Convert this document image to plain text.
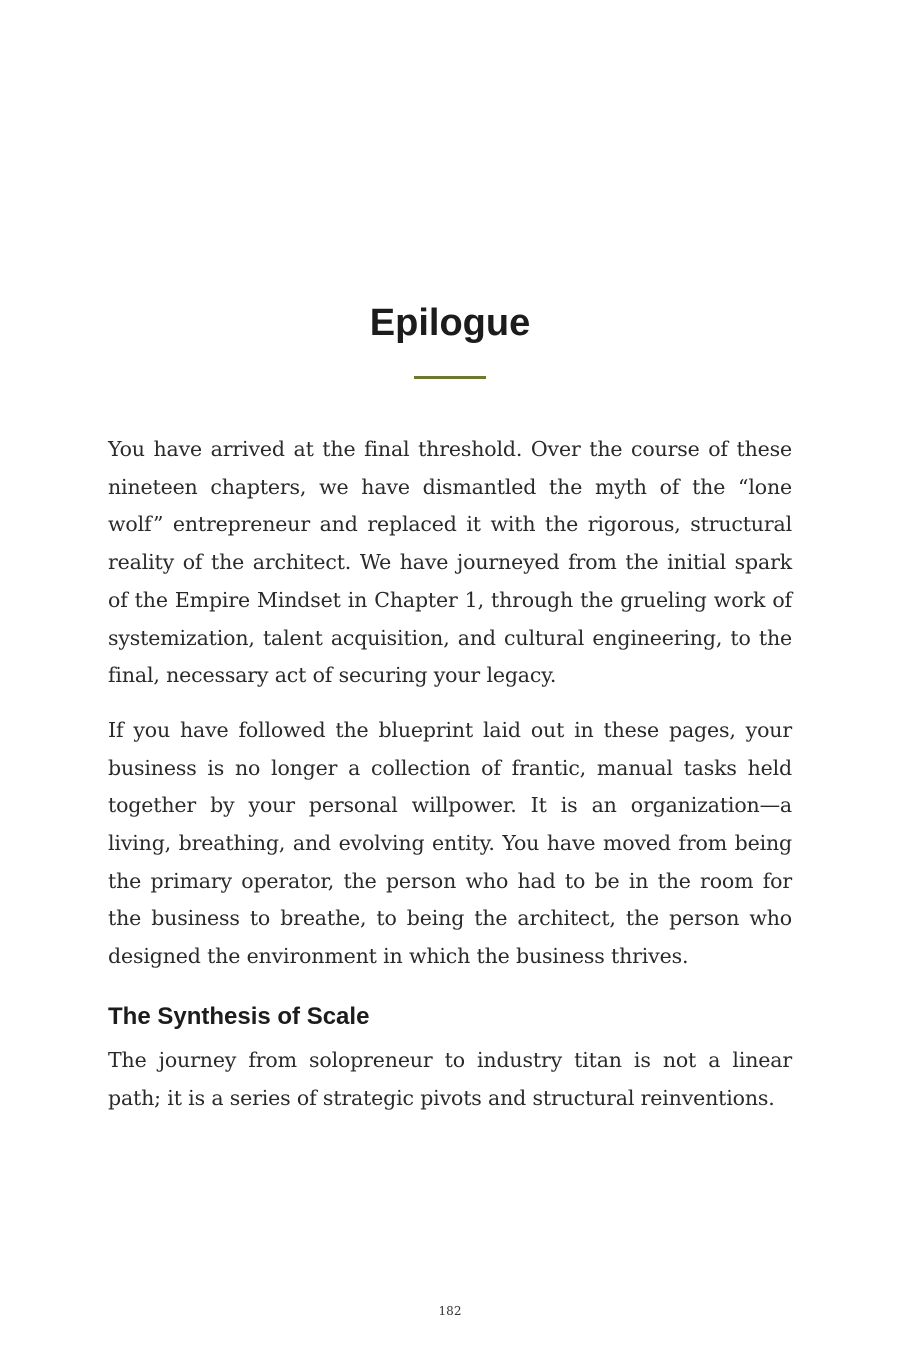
Epilogue

You have arrived at the final threshold. Over the course of these nineteen chapters, we have dismantled the myth of the “lone wolf” entrepreneur and replaced it with the rigorous, structural reality of the architect. We have journeyed from the initial spark of the Empire Mindset in Chapter 1, through the grueling work of systemization, talent acquisition, and cultural engineering, to the final, necessary act of securing your legacy.

If you have followed the blueprint laid out in these pages, your business is no longer a collection of frantic, manual tasks held together by your personal willpower. It is an organization—a living, breathing, and evolving entity. You have moved from being the primary operator, the person who had to be in the room for the business to breathe, to being the architect, the person who designed the environment in which the business thrives.

The Synthesis of Scale

The journey from solopreneur to industry titan is not a linear path; it is a series of strategic pivots and structural reinventions.

182
